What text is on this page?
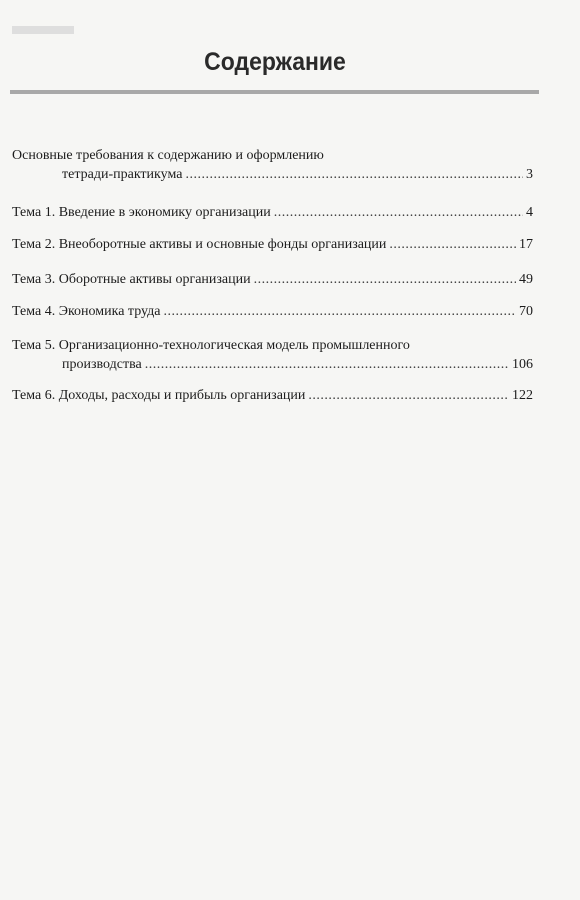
Содержание
Основные требования к содержанию и оформлению
тетради-практикума .....	3
Тема 1. Введение в экономику организации .....	4
Тема 2. Внеоборотные активы и основные фонды организации .....	17
Тема 3. Оборотные активы организации .....	49
Тема 4. Экономика труда .....	70
Тема 5. Организационно-технологическая модель промышленного
производства .....	106
Тема 6. Доходы, расходы и прибыль организации .....	122
